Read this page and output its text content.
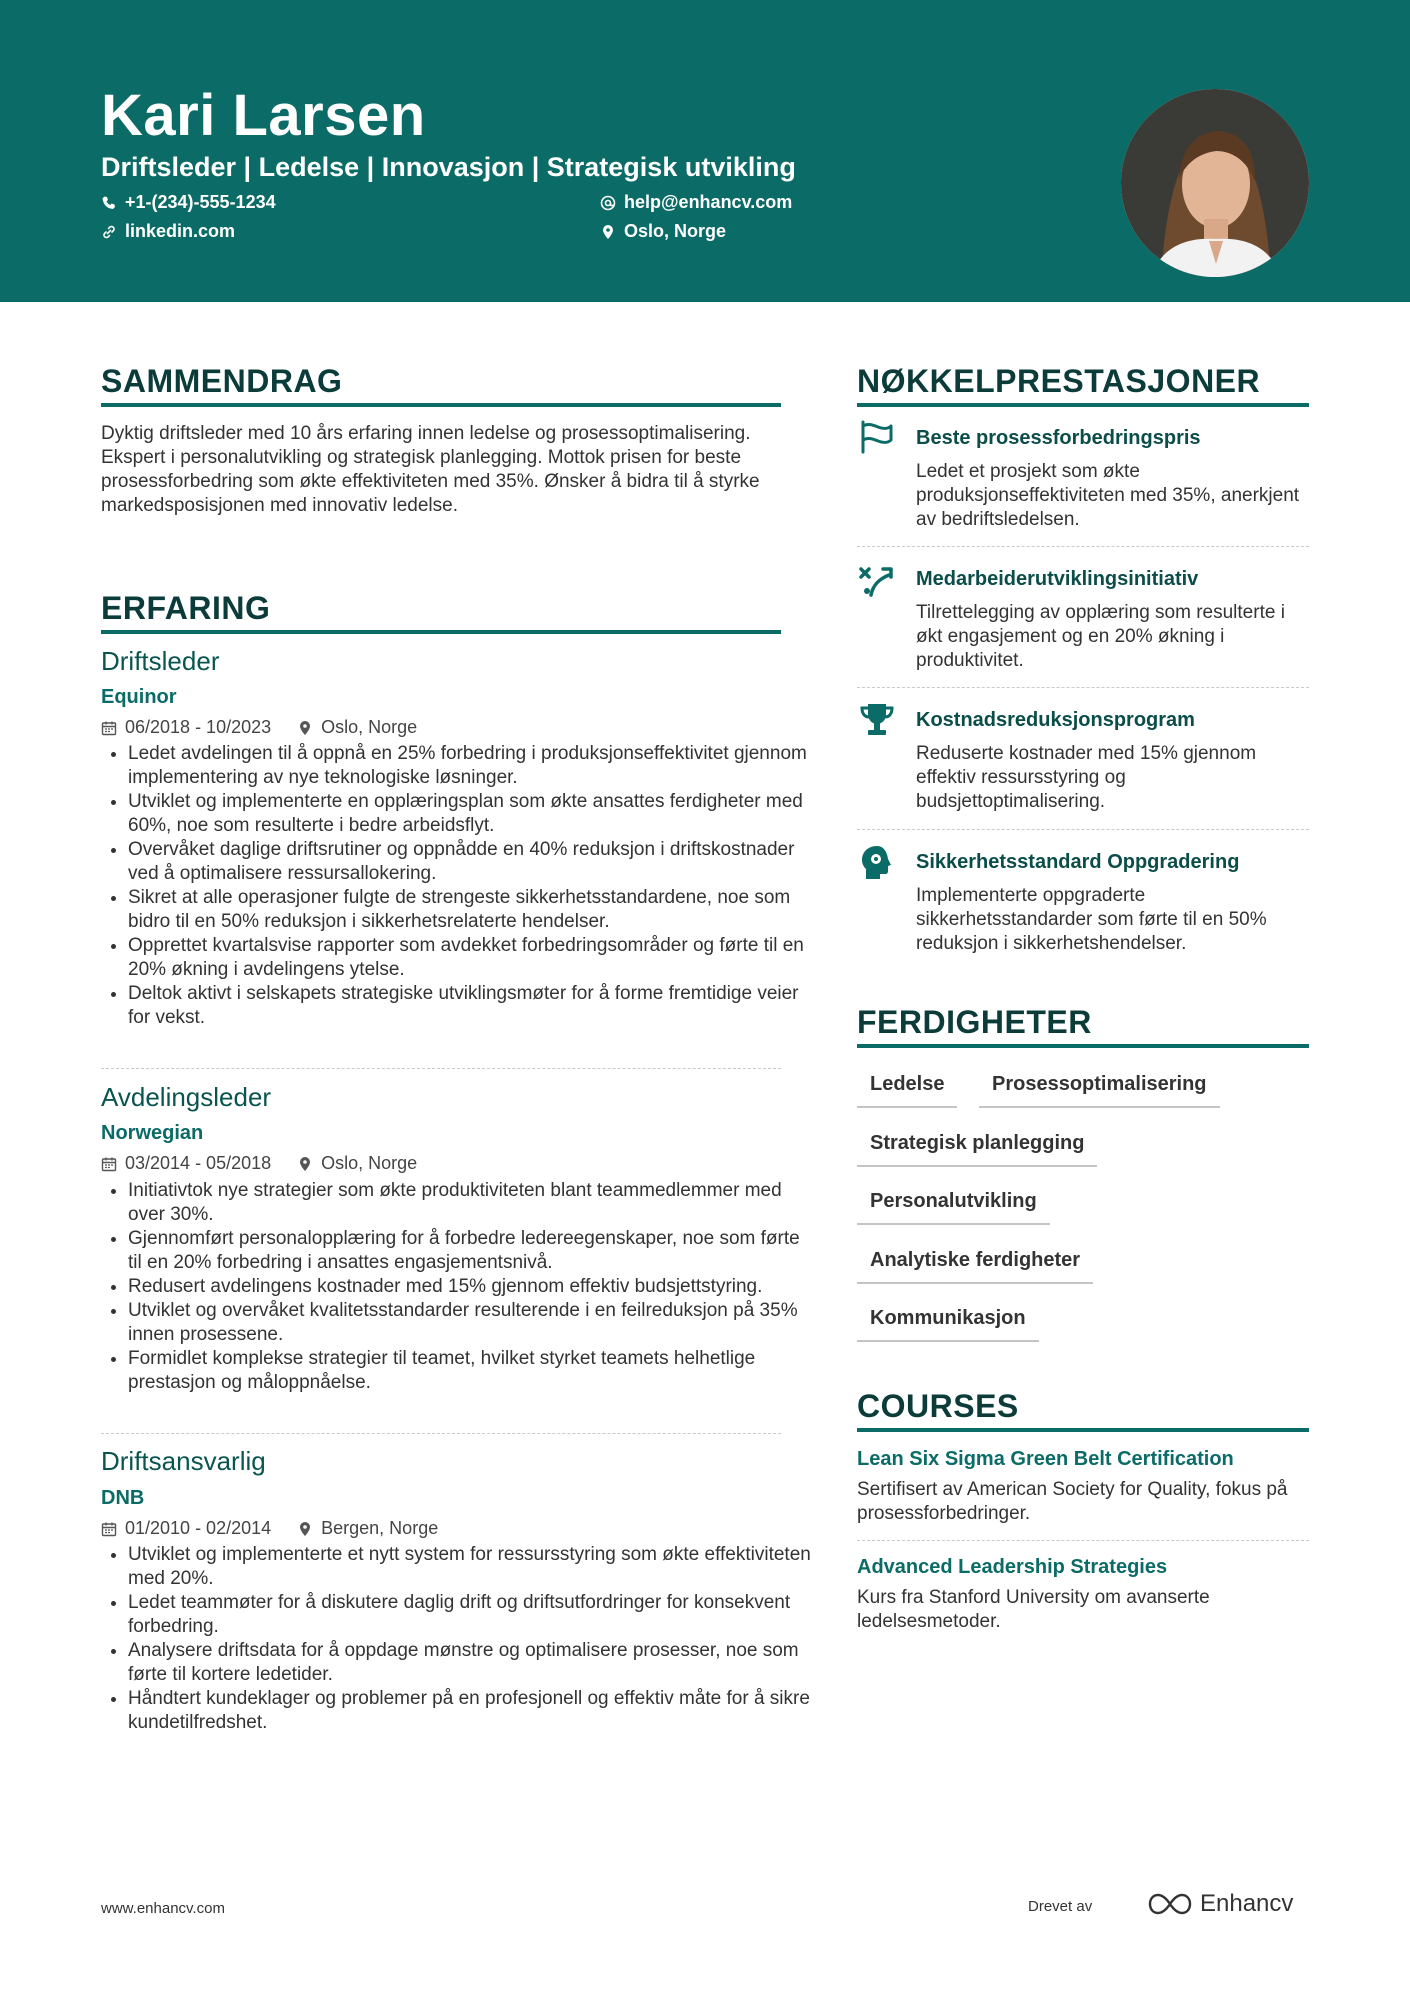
Kari Larsen
Driftsleder | Ledelse | Innovasjon | Strategisk utvikling
+1-(234)-555-1234	help@enhancv.com
linkedin.com	Oslo, Norge
SAMMENDRAG
Dyktig driftsleder med 10 års erfaring innen ledelse og prosessoptimalisering. Ekspert i personalutvikling og strategisk planlegging. Mottok prisen for beste prosessforbedring som økte effektiviteten med 35%. Ønsker å bidra til å styrke markedsposisjonen med innovativ ledelse.
ERFARING
Driftsleder
Equinor
06/2018 - 10/2023	Oslo, Norge
• Ledet avdelingen til å oppnå en 25% forbedring i produksjonseffektivitet gjennom implementering av nye teknologiske løsninger.
• Utviklet og implementerte en opplæringsplan som økte ansattes ferdigheter med 60%, noe som resulterte i bedre arbeidsflyt.
• Overvåket daglige driftsrutiner og oppnådde en 40% reduksjon i driftskostnader ved å optimalisere ressursallokering.
• Sikret at alle operasjoner fulgte de strengeste sikkerhetsstandardene, noe som bidro til en 50% reduksjon i sikkerhetsrelaterte hendelser.
• Opprettet kvartalsvise rapporter som avdekket forbedringsområder og førte til en 20% økning i avdelingens ytelse.
• Deltok aktivt i selskapets strategiske utviklingsmøter for å forme fremtidige veier for vekst.
Avdelingsleder
Norwegian
03/2014 - 05/2018	Oslo, Norge
• Initiativtok nye strategier som økte produktiviteten blant teammedlemmer med over 30%.
• Gjennomført personalopplæring for å forbedre ledereegenskaper, noe som førte til en 20% forbedring i ansattes engasjementsnivå.
• Redusert avdelingens kostnader med 15% gjennom effektiv budsjettstyring.
• Utviklet og overvåket kvalitetsstandarder resulterende i en feilreduksjon på 35% innen prosessene.
• Formidlet komplekse strategier til teamet, hvilket styrket teamets helhetlige prestasjon og måloppnåelse.
Driftsansvarlig
DNB
01/2010 - 02/2014	Bergen, Norge
• Utviklet og implementerte et nytt system for ressursstyring som økte effektiviteten med 20%.
• Ledet teammøter for å diskutere daglig drift og driftsutfordringer for konsekvent forbedring.
• Analysere driftsdata for å oppdage mønstre og optimalisere prosesser, noe som førte til kortere ledetider.
• Håndtert kundeklager og problemer på en profesjonell og effektiv måte for å sikre kundetilfredshet.
NØKKELPRESTASJONER
Beste prosessforbedringspris
Ledet et prosjekt som økte produksjonseffektiviteten med 35%, anerkjent av bedriftsledelsen.
Medarbeiderutviklingsinitiativ
Tilrettelegging av opplæring som resulterte i økt engasjement og en 20% økning i produktivitet.
Kostnadsreduksjonsprogram
Reduserte kostnader med 15% gjennom effektiv ressursstyring og budsjettoptimalisering.
Sikkerhetsstandard Oppgradering
Implementerte oppgraderte sikkerhetsstandarder som førte til en 50% reduksjon i sikkerhetshendelser.
FERDIGHETER
Ledelse	Prosessoptimalisering
Strategisk planlegging
Personalutvikling
Analytiske ferdigheter
Kommunikasjon
COURSES
Lean Six Sigma Green Belt Certification
Sertifisert av American Society for Quality, fokus på prosessforbedringer.
Advanced Leadership Strategies
Kurs fra Stanford University om avanserte ledelsesmetoder.
www.enhancv.com	Drevet av	Enhancv
